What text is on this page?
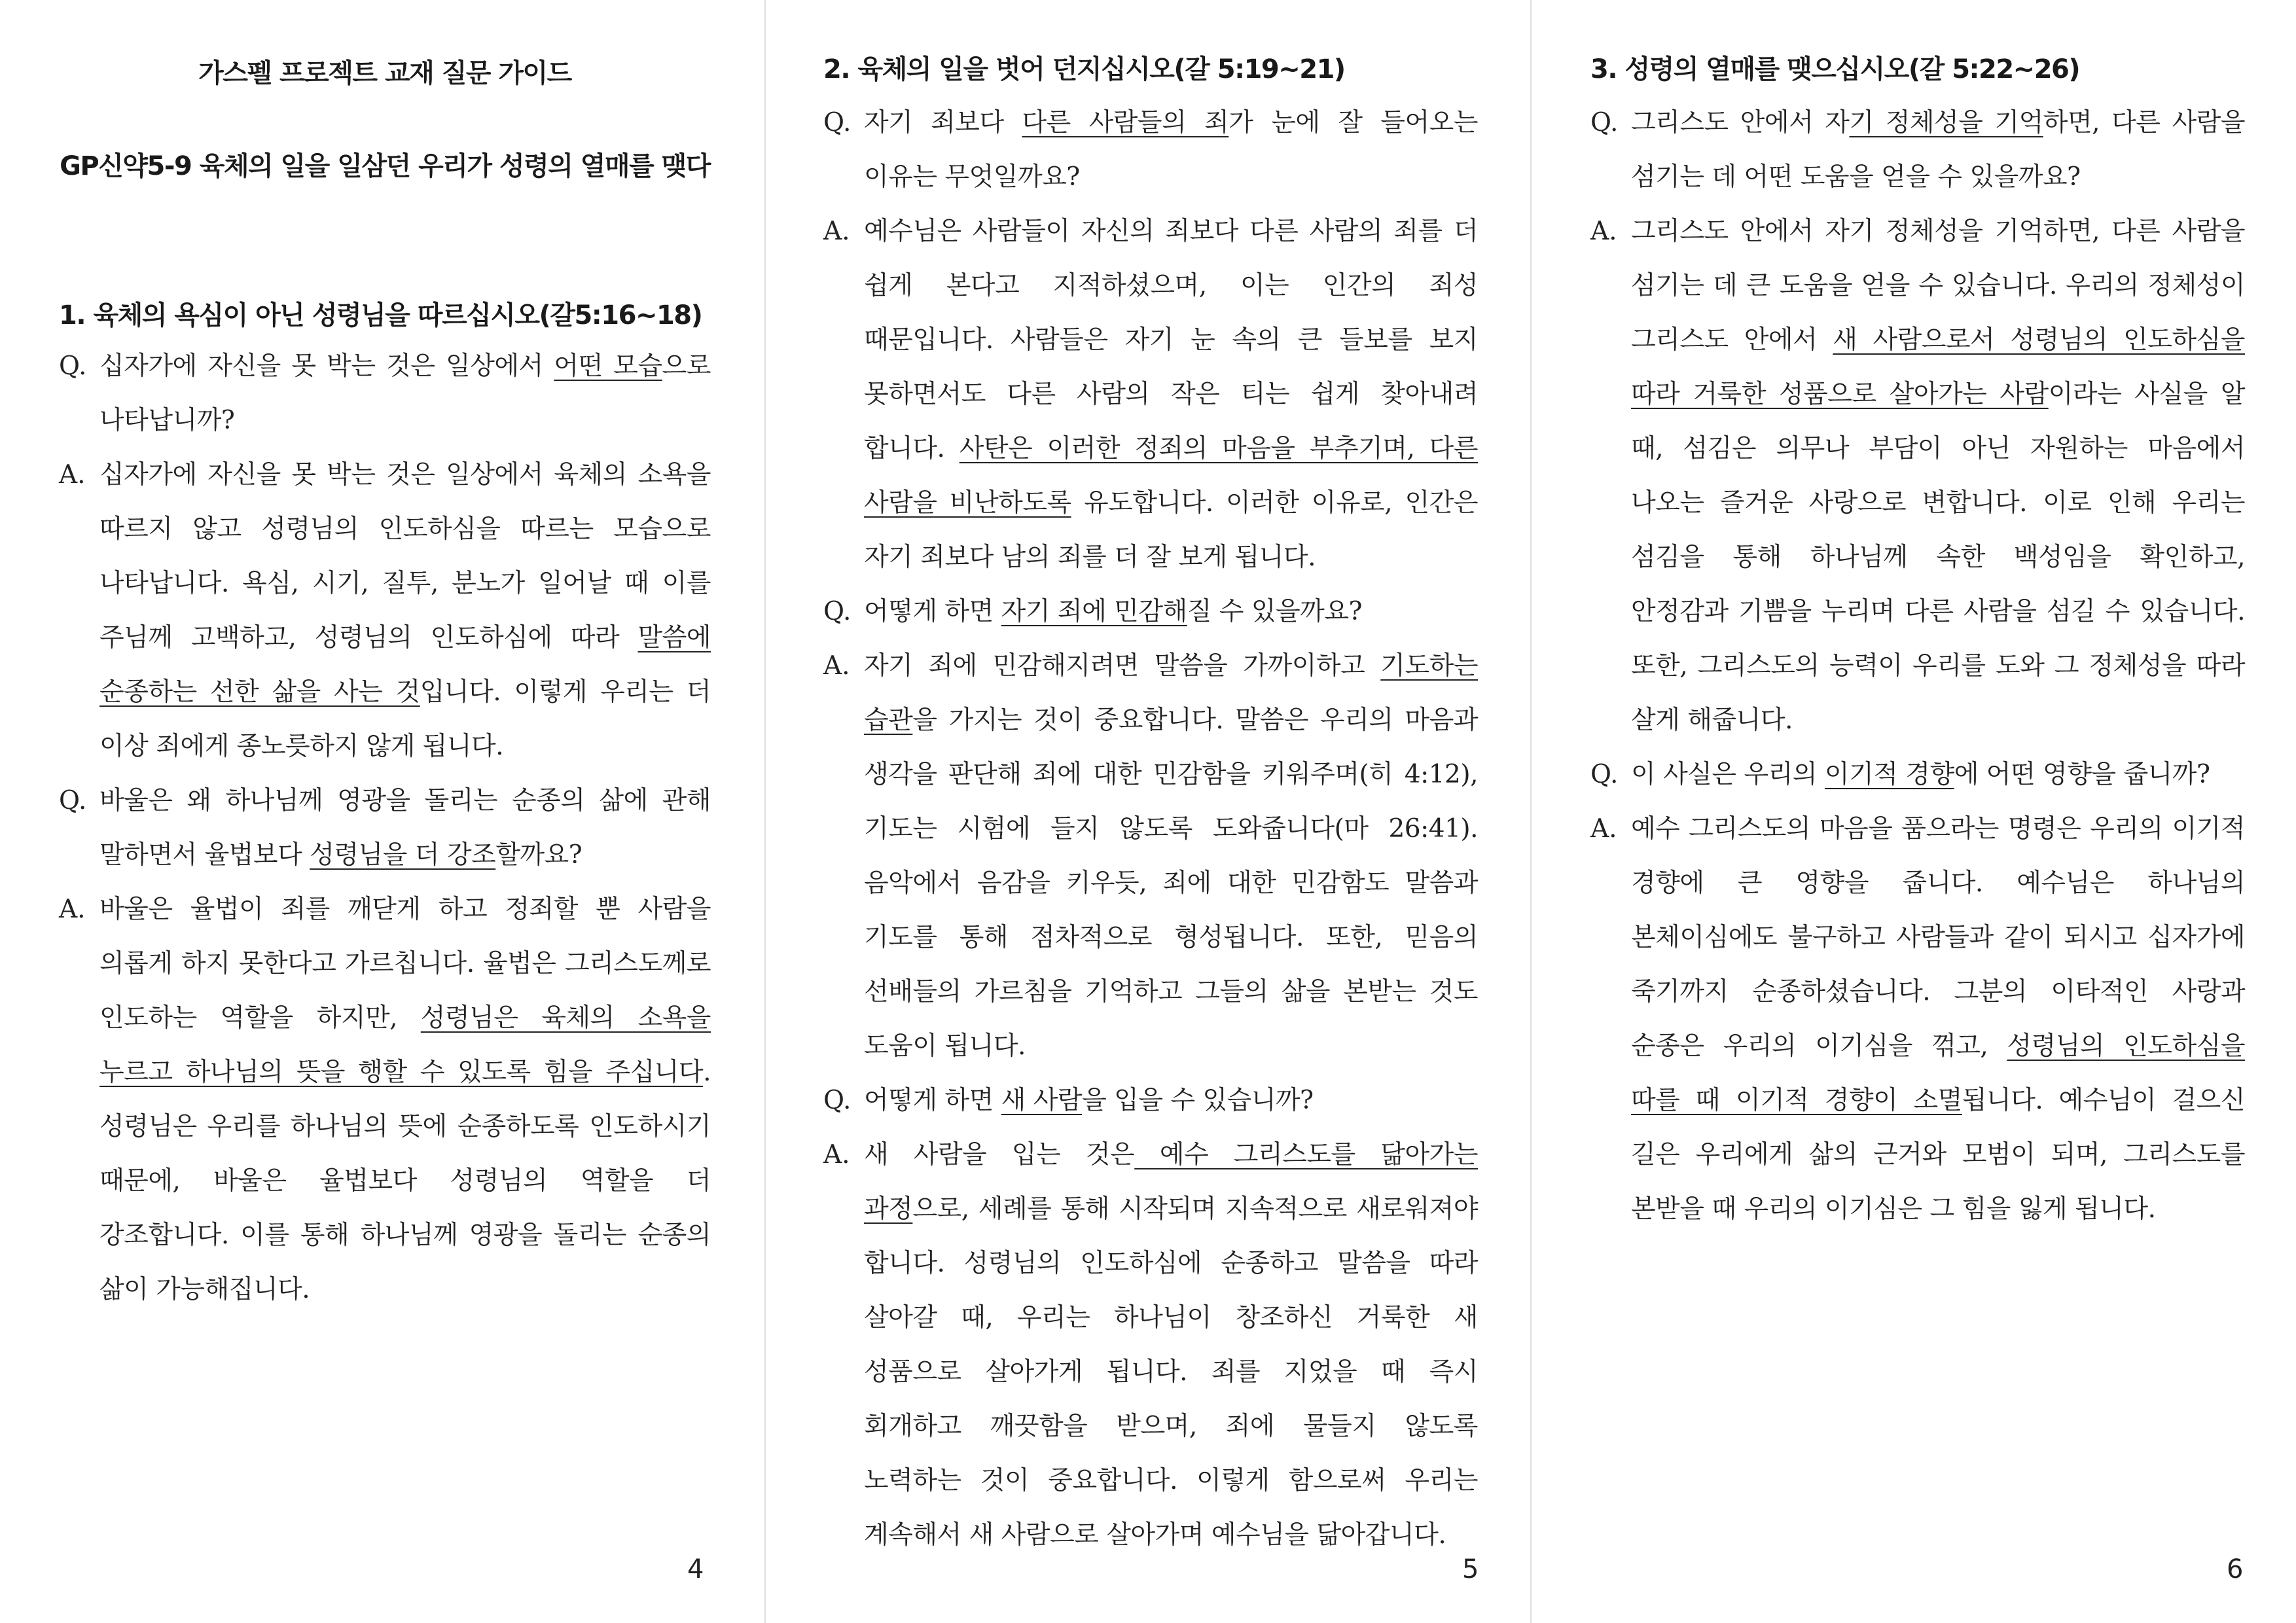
가스펠 프로젝트 교재 질문 가이드
GP신약5-9 육체의 일을 일삼던 우리가 성령의 열매를 맺다
1. 육체의 욕심이 아닌 성령님을 따르십시오(갈5:16~18)
Q. 십자가에 자신을 못 박는 것은 일상에서 어떤 모습으로 나타납니까?

A. 십자가에 자신을 못 박는 것은 일상에서 육체의 소욕을 따르지 않고 성령님의 인도하심을 따르는 모습으로 나타납니다. 욕심, 시기, 질투, 분노가 일어날 때 이를 주님께 고백하고, 성령님의 인도하심에 따라 말씀에 순종하는 선한 삶을 사는 것입니다. 이렇게 우리는 더 이상 죄에게 종노릇하지 않게 됩니다.

Q. 바울은 왜 하나님께 영광을 돌리는 순종의 삶에 관해 말하면서 율법보다 성령님을 더 강조할까요?

A. 바울은 율법이 죄를 깨닫게 하고 정죄할 뿐 사람을 의롭게 하지 못한다고 가르칩니다. 율법은 그리스도께로 인도하는 역할을 하지만, 성령님은 육체의 소욕을 누르고 하나님의 뜻을 행할 수 있도록 힘을 주십니다. 성령님은 우리를 하나님의 뜻에 순종하도록 인도하시기 때문에, 바울은 율법보다 성령님의 역할을 더 강조합니다. 이를 통해 하나님께 영광을 돌리는 순종의 삶이 가능해집니다.

4
2. 육체의 일을 벗어 던지십시오(갈 5:19~21)
Q. 자기 죄보다 다른 사람들의 죄가 눈에 잘 들어오는 이유는 무엇일까요?

A. 예수님은 사람들이 자신의 죄보다 다른 사람의 죄를 더 쉽게 본다고 지적하셨으며, 이는 인간의 죄성 때문입니다. 사람들은 자기 눈 속의 큰 들보를 보지 못하면서도 다른 사람의 작은 티는 쉽게 찾아내려 합니다. 사탄은 이러한 정죄의 마음을 부추기며, 다른 사람을 비난하도록 유도합니다. 이러한 이유로, 인간은 자기 죄보다 남의 죄를 더 잘 보게 됩니다.

Q. 어떻게 하면 자기 죄에 민감해질 수 있을까요?

A. 자기 죄에 민감해지려면 말씀을 가까이하고 기도하는 습관을 가지는 것이 중요합니다. 말씀은 우리의 마음과 생각을 판단해 죄에 대한 민감함을 키워주며(히 4:12), 기도는 시험에 들지 않도록 도와줍니다(마 26:41). 음악에서 음감을 키우듯, 죄에 대한 민감함도 말씀과 기도를 통해 점차적으로 형성됩니다. 또한, 믿음의 선배들의 가르침을 기억하고 그들의 삶을 본받는 것도 도움이 됩니다.

Q. 어떻게 하면 새 사람을 입을 수 있습니까?

A. 새 사람을 입는 것은 예수 그리스도를 닮아가는 과정으로, 세례를 통해 시작되며 지속적으로 새로워져야 합니다. 성령님의 인도하심에 순종하고 말씀을 따라 살아갈 때, 우리는 하나님이 창조하신 거룩한 새 성품으로 살아가게 됩니다. 죄를 지었을 때 즉시 회개하고 깨끗함을 받으며, 죄에 물들지 않도록 노력하는 것이 중요합니다. 이렇게 함으로써 우리는 계속해서 새 사람으로 살아가며 예수님을 닮아갑니다.

5
3. 성령의 열매를 맺으십시오(갈 5:22~26)
Q. 그리스도 안에서 자기 정체성을 기억하면, 다른 사람을 섬기는 데 어떤 도움을 얻을 수 있을까요?

A. 그리스도 안에서 자기 정체성을 기억하면, 다른 사람을 섬기는 데 큰 도움을 얻을 수 있습니다. 우리의 정체성이 그리스도 안에서 새 사람으로서 성령님의 인도하심을 따라 거룩한 성품으로 살아가는 사람이라는 사실을 알 때, 섬김은 의무나 부담이 아닌 자원하는 마음에서 나오는 즐거운 사랑으로 변합니다. 이로 인해 우리는 섬김을 통해 하나님께 속한 백성임을 확인하고, 안정감과 기쁨을 누리며 다른 사람을 섬길 수 있습니다. 또한, 그리스도의 능력이 우리를 도와 그 정체성을 따라 살게 해줍니다.

Q. 이 사실은 우리의 이기적 경향에 어떤 영향을 줍니까?

A. 예수 그리스도의 마음을 품으라는 명령은 우리의 이기적 경향에 큰 영향을 줍니다. 예수님은 하나님의 본체이심에도 불구하고 사람들과 같이 되시고 십자가에 죽기까지 순종하셨습니다. 그분의 이타적인 사랑과 순종은 우리의 이기심을 꺾고, 성령님의 인도하심을 따를 때 이기적 경향이 소멸됩니다. 예수님이 걸으신 길은 우리에게 삶의 근거와 모범이 되며, 그리스도를 본받을 때 우리의 이기심은 그 힘을 잃게 됩니다.

6
